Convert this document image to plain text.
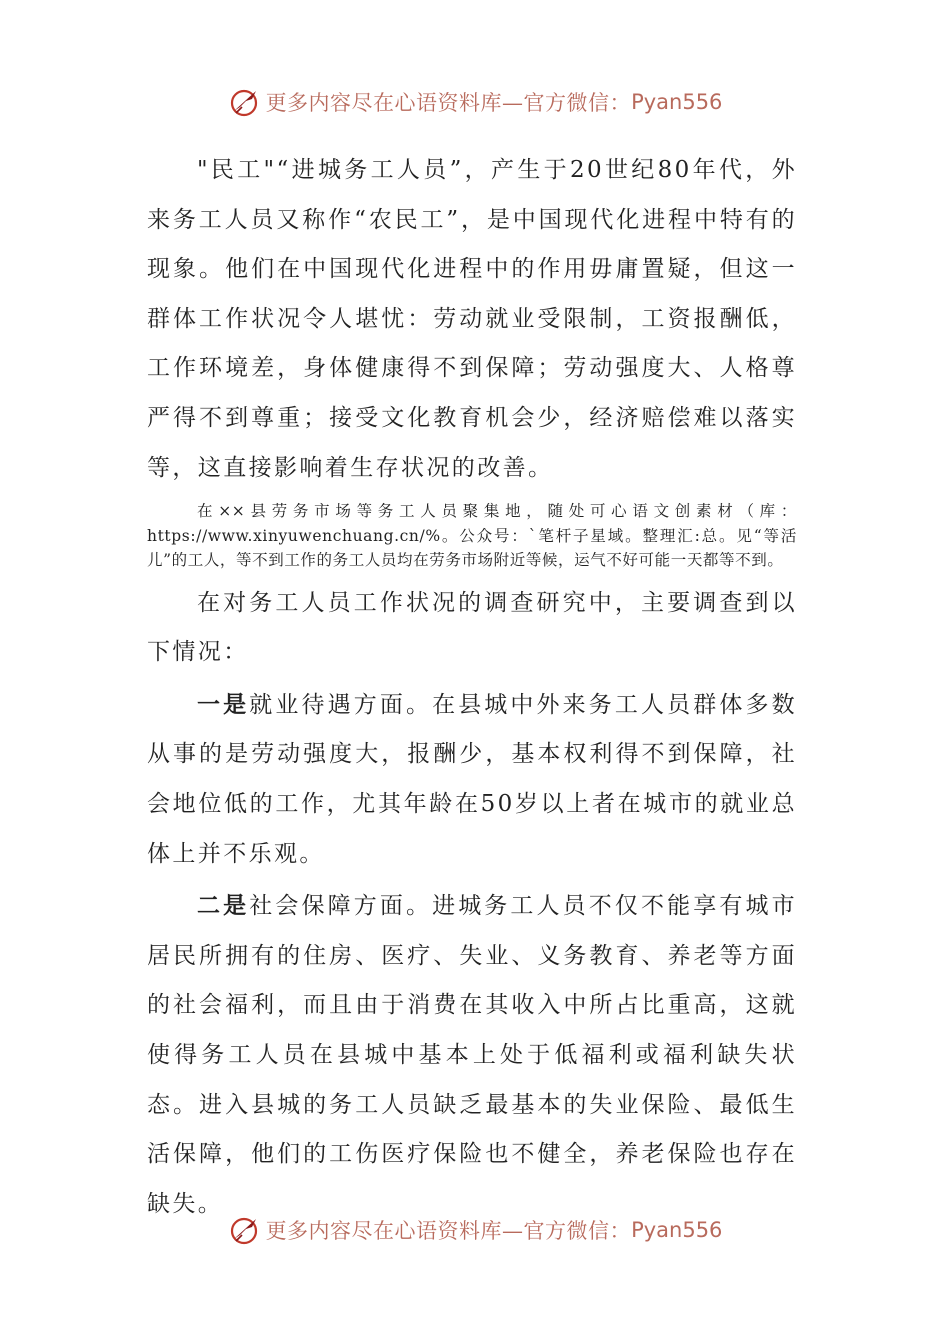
更多内容尽在心语资料库—官方微信： Pyan556

"民工"“进城务工人员”，产生于20世纪80年代，外来务工人员又称作“农民工”，是中国现代化进程中特有的现象。他们在中国现代化进程中的作用毋庸置疑，但这一群体工作状况令人堪忧：劳动就业受限制，工资报酬低，工作环境差，身体健康得不到保障；劳动强度大、人格尊严得不到尊重；接受文化教育机会少，经济赔偿难以落实等，这直接影响着生存状况的改善。

在××县劳务市场等务工人员聚集地，随处可心语文创素材（库：https://www.xinyuwenchuang.cn/%。公众号：`笔杆子星域。整理汇:总。见“等活儿”的工人，等不到工作的务工人员均在劳务市场附近等候，运气不好可能一天都等不到。

在对务工人员工作状况的调查研究中，主要调查到以下情况：

一是就业待遇方面。在县城中外来务工人员群体多数从事的是劳动强度大，报酬少，基本权利得不到保障，社会地位低的工作，尤其年龄在50岁以上者在城市的就业总体上并不乐观。

二是社会保障方面。进城务工人员不仅不能享有城市居民所拥有的住房、医疗、失业、义务教育、养老等方面的社会福利，而且由于消费在其收入中所占比重高，这就使得务工人员在县城中基本上处于低福利或福利缺失状态。进入县城的务工人员缺乏最基本的失业保险、最低生活保障，他们的工伤医疗保险也不健全，养老保险也存在缺失。

更多内容尽在心语资料库—官方微信： Pyan556
